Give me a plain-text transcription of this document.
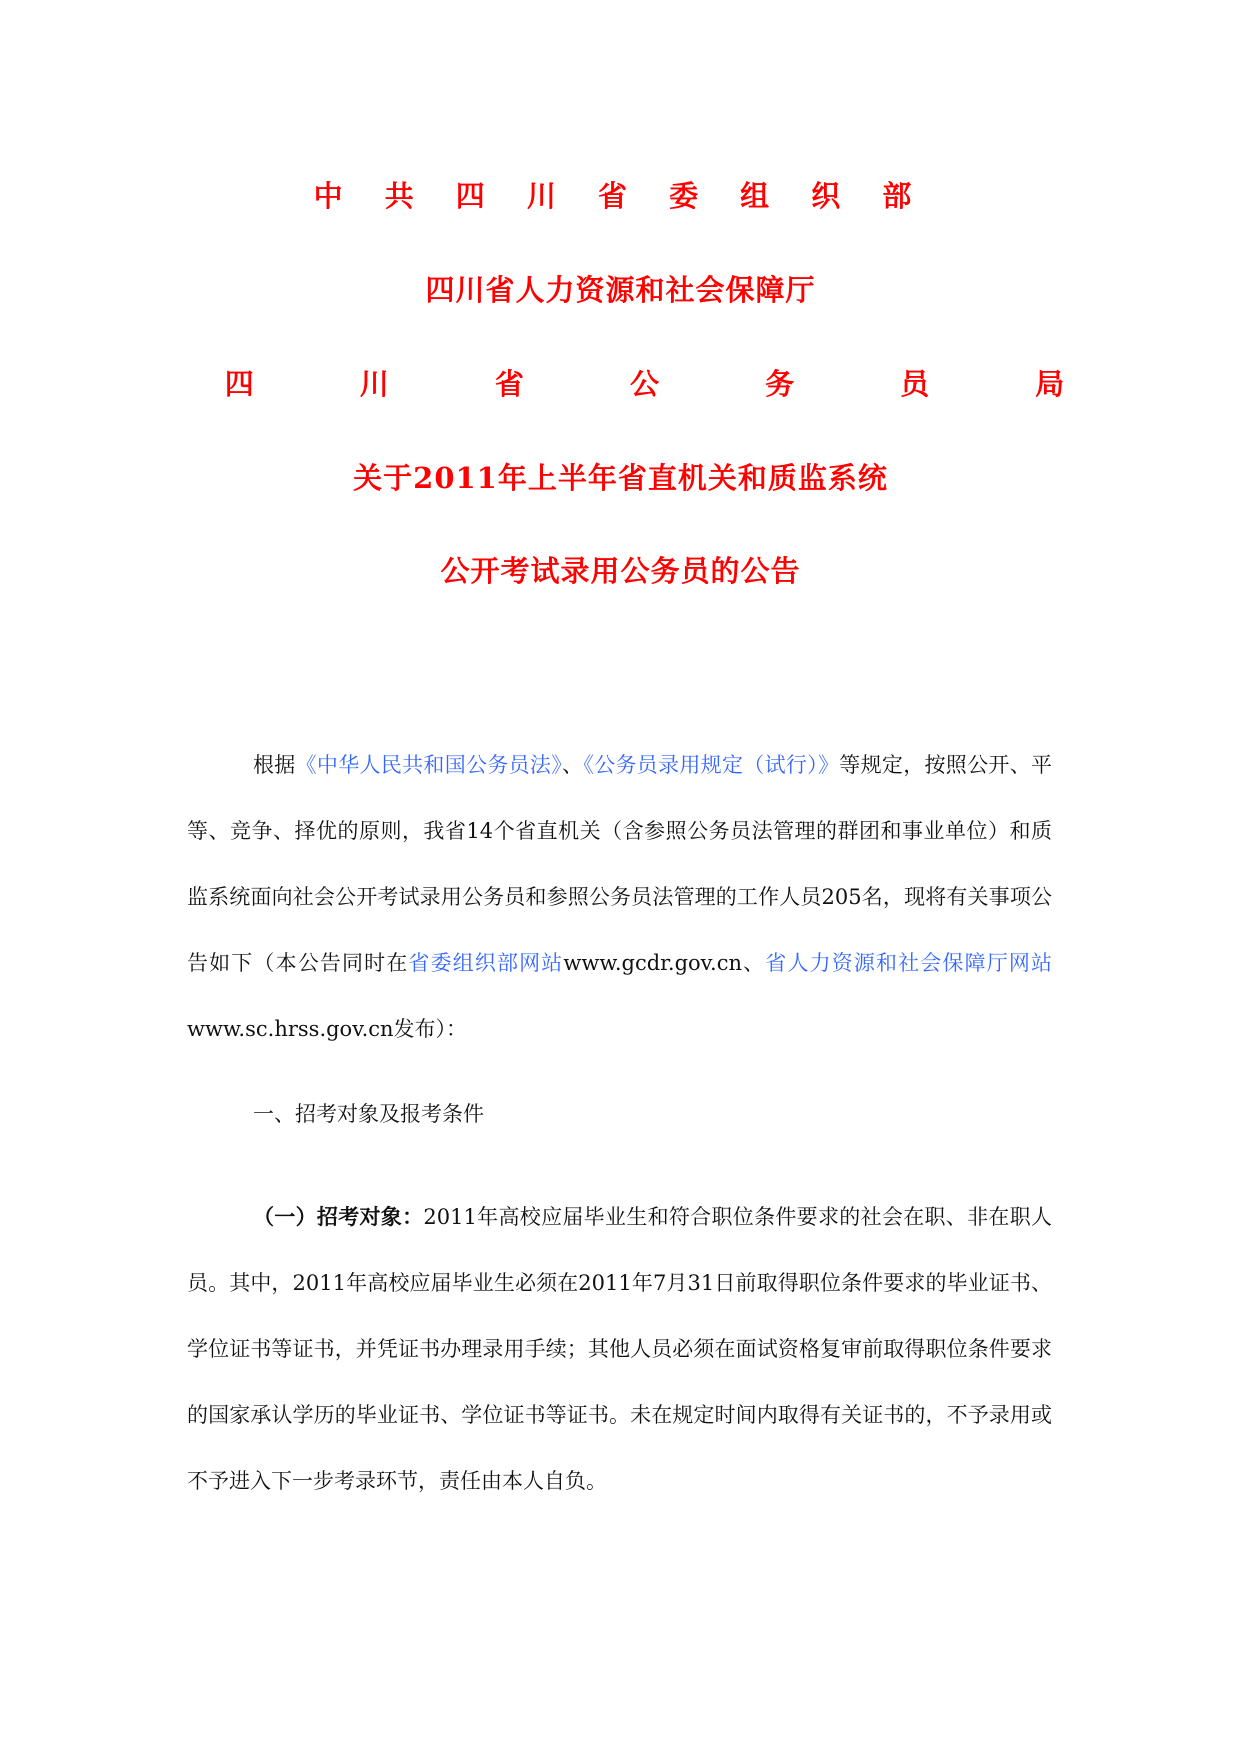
中 共 四 川 省 委 组 织 部
四川省人力资源和社会保障厅
四 川 省 公 务 员 局
关于2011年上半年省直机关和质监系统
公开考试录用公务员的公告
根据《中华人民共和国公务员法》、《公务员录用规定（试行）》等规定，按照公开、平等、竞争、择优的原则，我省14个省直机关（含参照公务员法管理的群团和事业单位）和质监系统面向社会公开考试录用公务员和参照公务员法管理的工作人员205名，现将有关事项公告如下（本公告同时在省委组织部网站www.gcdr.gov.cn、省人力资源和社会保障厅网站www.sc.hrss.gov.cn发布）：
一、招考对象及报考条件
（一）招考对象：2011年高校应届毕业生和符合职位条件要求的社会在职、非在职人员。其中，2011年高校应届毕业生必须在2011年7月31日前取得职位条件要求的毕业证书、学位证书等证书，并凭证书办理录用手续；其他人员必须在面试资格复审前取得职位条件要求的国家承认学历的毕业证书、学位证书等证书。未在规定时间内取得有关证书的，不予录用或不予进入下一步考录环节，责任由本人自负。
